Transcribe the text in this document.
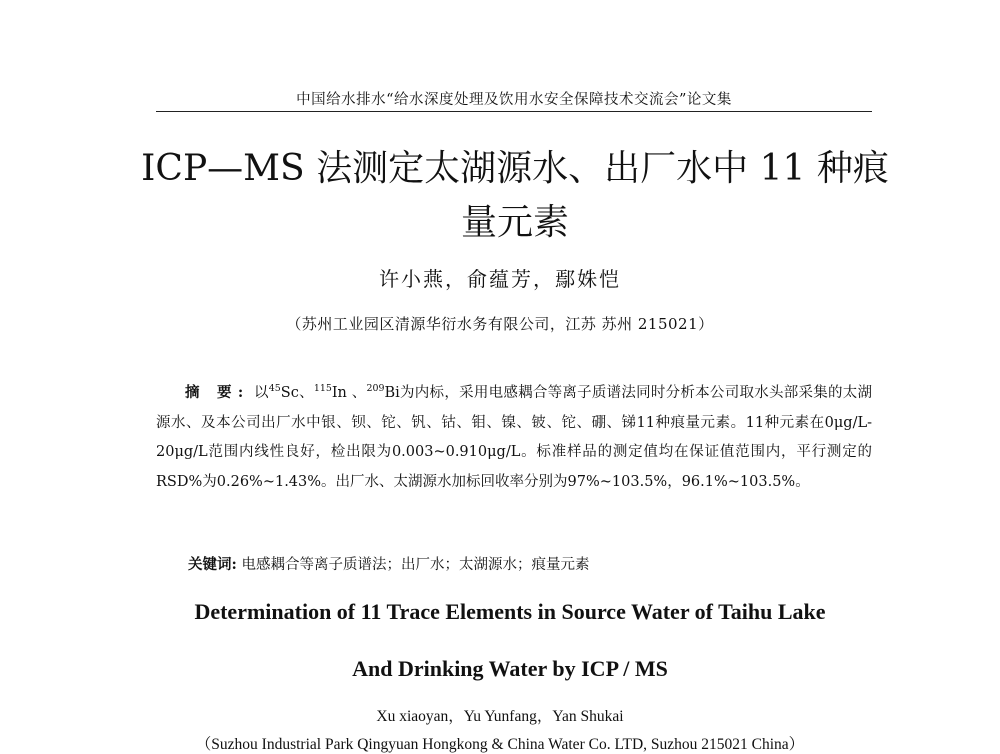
中国给水排水“给水深度处理及饮用水安全保障技术交流会”论文集
ICP—MS 法测定太湖源水、出厂水中 11 种痕
量元素
许小燕，俞蕴芳，鄢姝恺
（苏州工业园区清源华衍水务有限公司，江苏 苏州 215021）

摘 要: 以$^{45}$Sc、$^{115}$In 、$^{209}$Bi为内标，采用电感耦合等离子质谱法同时分析本公司取水头部采集的太湖源水、及本公司出厂水中银、钡、铊、钒、钴、钼、镍、铍、铊、硼、锑11种痕量元素。11种元素在0μg/L-20μg/L范围内线性良好，检出限为0.003~0.910μg/L。标准样品的测定值均在保证值范围内，平行测定的RSD%为0.26%~1.43%。出厂水、太湖源水加标回收率分别为97%~103.5%，96.1%~103.5%。

关键词: 电感耦合等离子质谱法；出厂水；太湖源水；痕量元素

Determination of 11 Trace Elements in Source Water of Taihu Lake
And Drinking Water by ICP / MS
Xu xiaoyan，Yu Yunfang，Yan Shukai
（Suzhou Industrial Park Qingyuan Hongkong & China Water Co. LTD, Suzhou 215021 China）
